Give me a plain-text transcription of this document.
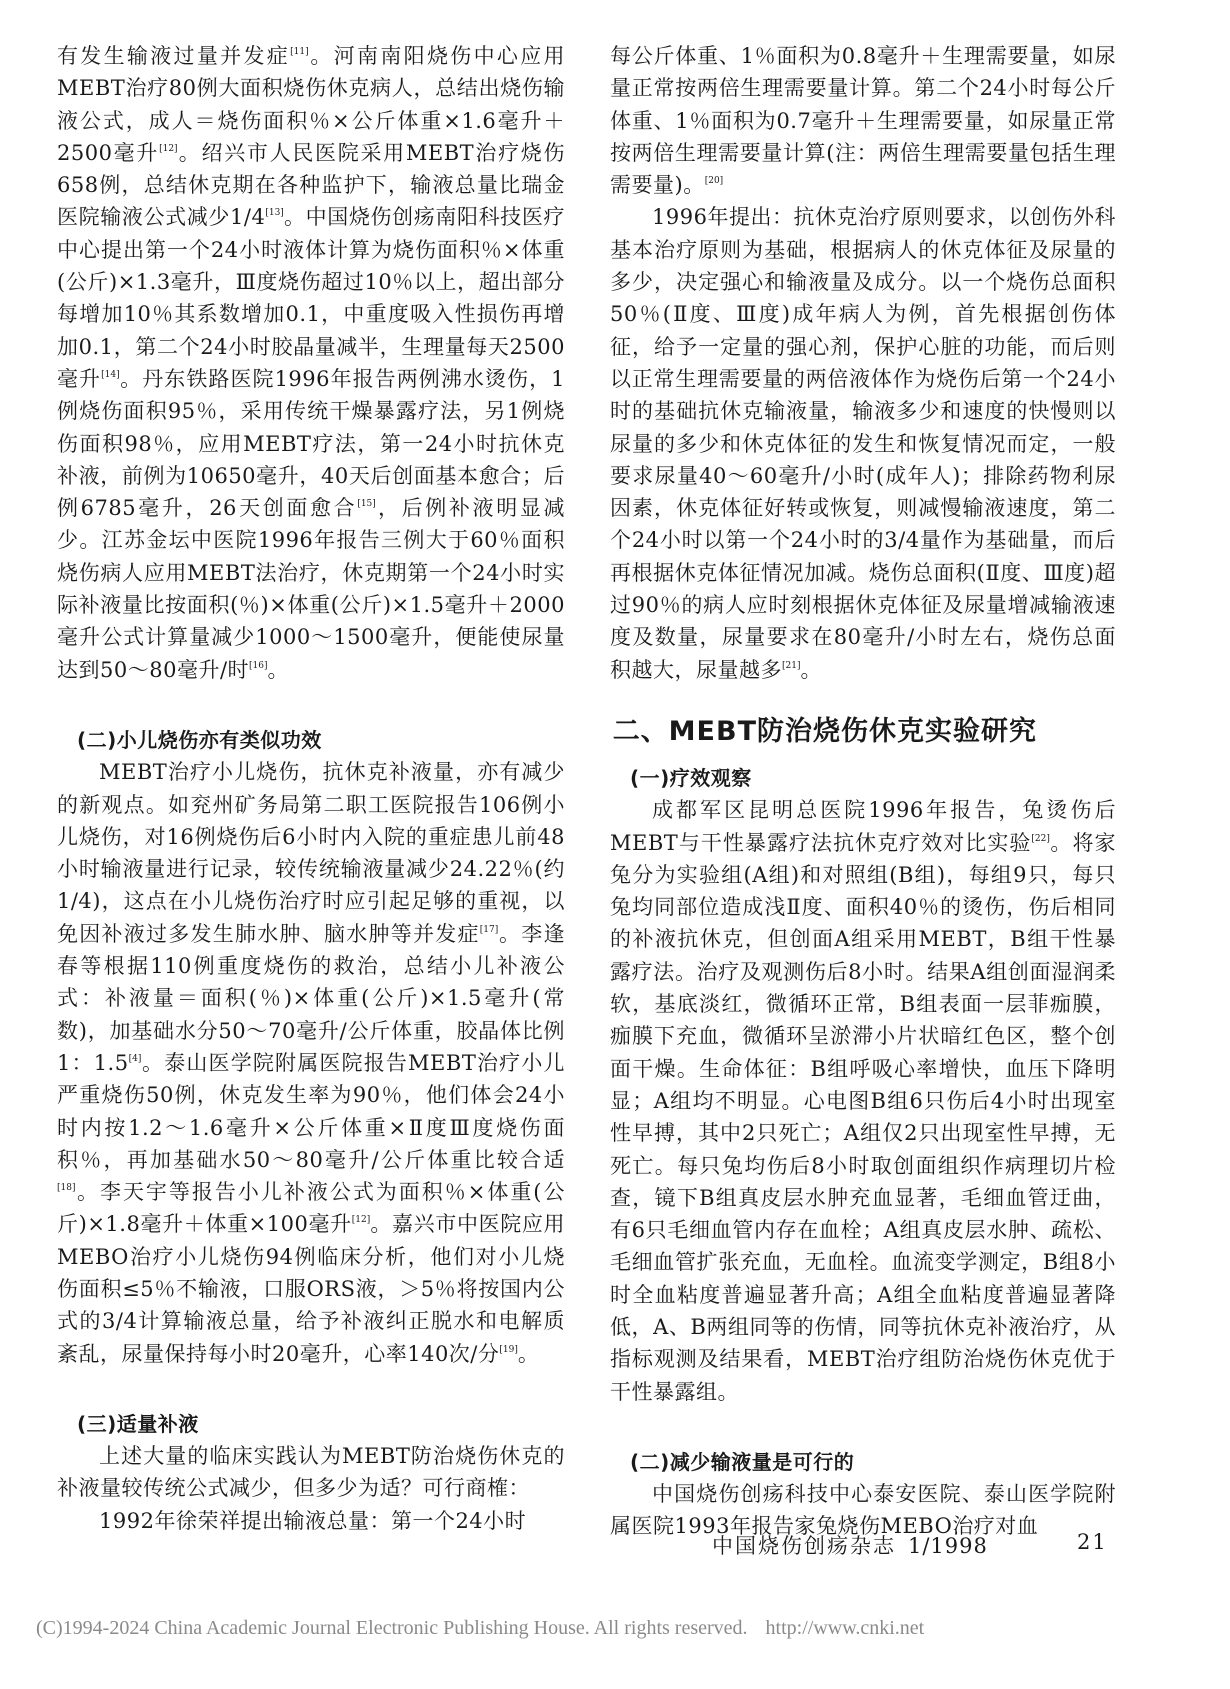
有发生输液过量并发症[11]。河南南阳烧伤中心应用MEBT治疗80例大面积烧伤休克病人，总结出烧伤输液公式，成人＝烧伤面积％×公斤体重×1.6毫升＋2500毫升[12]。绍兴市人民医院采用MEBT治疗烧伤658例，总结休克期在各种监护下，输液总量比瑞金医院输液公式减少1/4[13]。中国烧伤创疡南阳科技医疗中心提出第一个24小时液体计算为烧伤面积％×体重(公斤)×1.3毫升，Ⅲ度烧伤超过10％以上，超出部分每增加10％其系数增加0.1，中重度吸入性损伤再增加0.1，第二个24小时胶晶量减半，生理量每天2500毫升[14]。丹东铁路医院1996年报告两例沸水烫伤，1例烧伤面积95％，采用传统干燥暴露疗法，另1例烧伤面积98％，应用MEBT疗法，第一24小时抗休克补液，前例为10650毫升，40天后创面基本愈合；后例6785毫升，26天创面愈合[15]，后例补液明显减少。江苏金坛中医院1996年报告三例大于60％面积烧伤病人应用MEBT法治疗，休克期第一个24小时实际补液量比按面积(％)×体重(公斤)×1.5毫升＋2000毫升公式计算量减少1000～1500毫升，便能使尿量达到50～80毫升/时[16]。

(二)小儿烧伤亦有类似功效

MEBT治疗小儿烧伤，抗休克补液量，亦有减少的新观点。如兖州矿务局第二职工医院报告106例小儿烧伤，对16例烧伤后6小时内入院的重症患儿前48小时输液量进行记录，较传统输液量减少24.22％(约1/4)，这点在小儿烧伤治疗时应引起足够的重视，以免因补液过多发生肺水肿、脑水肿等并发症[17]。李逢春等根据110例重度烧伤的救治，总结小儿补液公式：补液量＝面积(％)×体重(公斤)×1.5毫升(常数)，加基础水分50～70毫升/公斤体重，胶晶体比例1：1.5[4]。泰山医学院附属医院报告MEBT治疗小儿严重烧伤50例，休克发生率为90％，他们体会24小时内按1.2～1.6毫升×公斤体重×Ⅱ度Ⅲ度烧伤面积％，再加基础水50～80毫升/公斤体重比较合适[18]。李天宇等报告小儿补液公式为面积％×体重(公斤)×1.8毫升＋体重×100毫升[12]。嘉兴市中医院应用MEBO治疗小儿烧伤94例临床分析，他们对小儿烧伤面积≤5％不输液，口服ORS液，＞5％将按国内公式的3/4计算输液总量，给予补液纠正脱水和电解质紊乱，尿量保持每小时20毫升，心率140次/分[19]。

(三)适量补液

上述大量的临床实践认为MEBT防治烧伤休克的补液量较传统公式减少，但多少为适？可行商榷：

1992年徐荣祥提出输液总量：第一个24小时

每公斤体重、1％面积为0.8毫升＋生理需要量，如尿量正常按两倍生理需要量计算。第二个24小时每公斤体重、1％面积为0.7毫升＋生理需要量，如尿量正常按两倍生理需要量计算(注：两倍生理需要量包括生理需要量)。[20]

1996年提出：抗休克治疗原则要求，以创伤外科基本治疗原则为基础，根据病人的休克体征及尿量的多少，决定强心和输液量及成分。以一个烧伤总面积50％(Ⅱ度、Ⅲ度)成年病人为例，首先根据创伤体征，给予一定量的强心剂，保护心脏的功能，而后则以正常生理需要量的两倍液体作为烧伤后第一个24小时的基础抗休克输液量，输液多少和速度的快慢则以尿量的多少和休克体征的发生和恢复情况而定，一般要求尿量40～60毫升/小时(成年人)；排除药物利尿因素，休克体征好转或恢复，则减慢输液速度，第二个24小时以第一个24小时的3/4量作为基础量，而后再根据休克体征情况加减。烧伤总面积(Ⅱ度、Ⅲ度)超过90％的病人应时刻根据休克体征及尿量增减输液速度及数量，尿量要求在80毫升/小时左右，烧伤总面积越大，尿量越多[21]。

二、MEBT防治烧伤休克实验研究

(一)疗效观察

成都军区昆明总医院1996年报告，兔烫伤后MEBT与干性暴露疗法抗休克疗效对比实验[22]。将家兔分为实验组(A组)和对照组(B组)，每组9只，每只兔均同部位造成浅Ⅱ度、面积40％的烫伤，伤后相同的补液抗休克，但创面A组采用MEBT，B组干性暴露疗法。治疗及观测伤后8小时。结果A组创面湿润柔软，基底淡红，微循环正常，B组表面一层菲痂膜，痂膜下充血，微循环呈淤滞小片状暗红色区，整个创面干燥。生命体征：B组呼吸心率增快，血压下降明显；A组均不明显。心电图B组6只伤后4小时出现室性早搏，其中2只死亡；A组仅2只出现室性早搏，无死亡。每只兔均伤后8小时取创面组织作病理切片检查，镜下B组真皮层水肿充血显著，毛细血管迂曲，有6只毛细血管内存在血栓；A组真皮层水肿、疏松、毛细血管扩张充血，无血栓。血流变学测定，B组8小时全血粘度普遍显著升高；A组全血粘度普遍显著降低，A、B两组同等的伤情，同等抗休克补液治疗，从指标观测及结果看，MEBT治疗组防治烧伤休克优于干性暴露组。

(二)减少输液量是可行的

中国烧伤创疡科技中心泰安医院、泰山医学院附属医院1993年报告家兔烧伤MEBO治疗对血

中国烧伤创疡杂志 1/1998	21
(C)1994-2024 China Academic Journal Electronic Publishing House. All rights reserved. http://www.cnki.net
